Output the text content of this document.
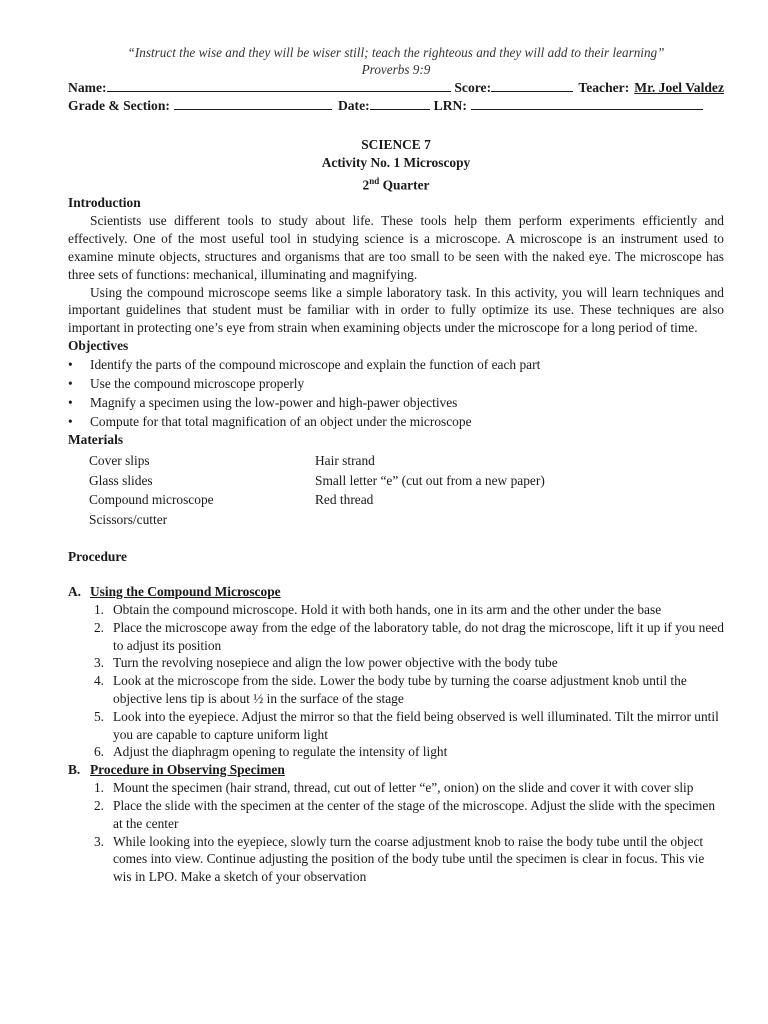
“Instruct the wise and they will be wiser still; teach the righteous and they will add to their learning”

Proverbs 9:9

Name:	Score:	Teacher: Mr. Joel Valdez
Grade & Section:	Date:	LRN:
SCIENCE 7
Activity No. 1 Microscopy
2nd Quarter
Introduction

Scientists use different tools to study about life. These tools help them perform experiments efficiently and effectively. One of the most useful tool in studying science is a microscope. A microscope is an instrument used to examine minute objects, structures and organisms that are too small to be seen with the naked eye. The microscope has three sets of functions: mechanical, illuminating and magnifying.

Using the compound microscope seems like a simple laboratory task. In this activity, you will learn techniques and important guidelines that student must be familiar with in order to fully optimize its use. These techniques are also important in protecting one’s eye from strain when examining objects under the microscope for a long period of time.

Objectives
• Identify the parts of the compound microscope and explain the function of each part
• Use the compound microscope properly
• Magnify a specimen using the low-power and high-pawer objectives
• Compute for that total magnification of an object under the microscope
Materials
Cover slips	Hair strand
Glass slides	Small letter “e” (cut out from a new paper)
Compound microscope	Red thread
Scissors/cutter
Procedure
A. Using the Compound Microscope
1. Obtain the compound microscope. Hold it with both hands, one in its arm and the other under the base
2. Place the microscope away from the edge of the laboratory table, do not drag the microscope, lift it up if you need to adjust its position
3. Turn the revolving nosepiece and align the low power objective with the body tube
4. Look at the microscope from the side. Lower the body tube by turning the coarse adjustment knob until the objective lens tip is about ½ in the surface of the stage
5. Look into the eyepiece. Adjust the mirror so that the field being observed is well illuminated. Tilt the mirror until you are capable to capture uniform light
6. Adjust the diaphragm opening to regulate the intensity of light
B. Procedure in Observing Specimen
1. Mount the specimen (hair strand, thread, cut out of letter “e”, onion) on the slide and cover it with cover slip
2. Place the slide with the specimen at the center of the stage of the microscope. Adjust the slide with the specimen at the center
3. While looking into the eyepiece, slowly turn the coarse adjustment knob to raise the body tube until the object comes into view. Continue adjusting the position of the body tube until the specimen is clear in focus. This vie wis in LPO. Make a sketch of your observation
